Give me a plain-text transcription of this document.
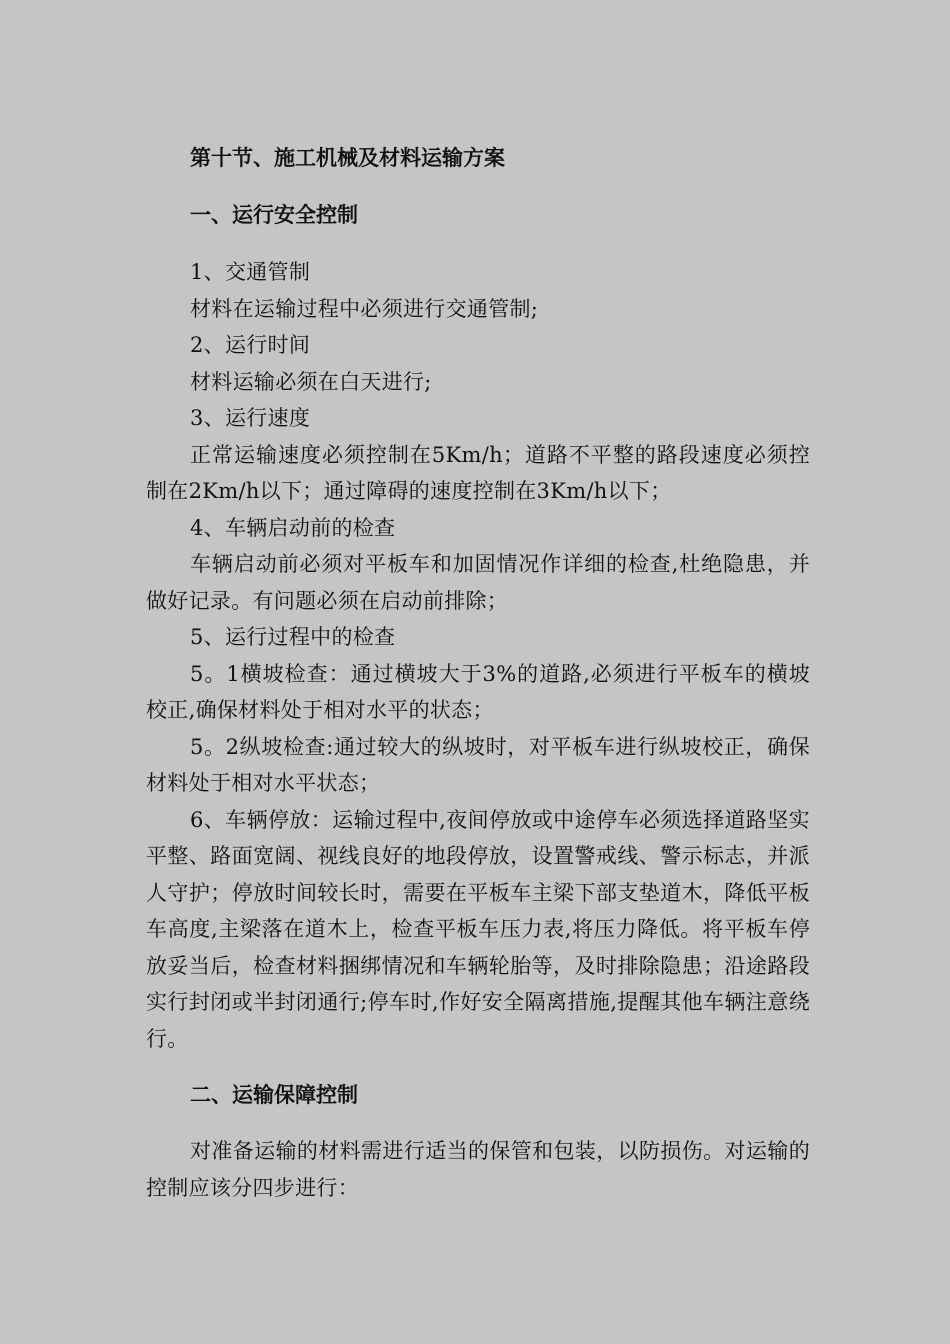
第十节、施工机械及材料运输方案

一、运行安全控制

1、交通管制

材料在运输过程中必须进行交通管制;

2、运行时间

材料运输必须在白天进行;

3、运行速度

正常运输速度必须控制在5Km/h；道路不平整的路段速度必须控制在2Km/h以下；通过障碍的速度控制在3Km/h以下；

4、车辆启动前的检查

车辆启动前必须对平板车和加固情况作详细的检查,杜绝隐患，并做好记录。有问题必须在启动前排除；

5、运行过程中的检查

5。1横坡检查：通过横坡大于3%的道路,必须进行平板车的横坡校正,确保材料处于相对水平的状态；

5。2纵坡检查:通过较大的纵坡时，对平板车进行纵坡校正，确保材料处于相对水平状态；

6、车辆停放：运输过程中,夜间停放或中途停车必须选择道路坚实平整、路面宽阔、视线良好的地段停放，设置警戒线、警示标志，并派人守护；停放时间较长时，需要在平板车主梁下部支垫道木，降低平板车高度,主梁落在道木上，检查平板车压力表,将压力降低。将平板车停放妥当后，检查材料捆绑情况和车辆轮胎等，及时排除隐患；沿途路段实行封闭或半封闭通行;停车时,作好安全隔离措施,提醒其他车辆注意绕行。

二、运输保障控制

对准备运输的材料需进行适当的保管和包装，以防损伤。对运输的控制应该分四步进行：
